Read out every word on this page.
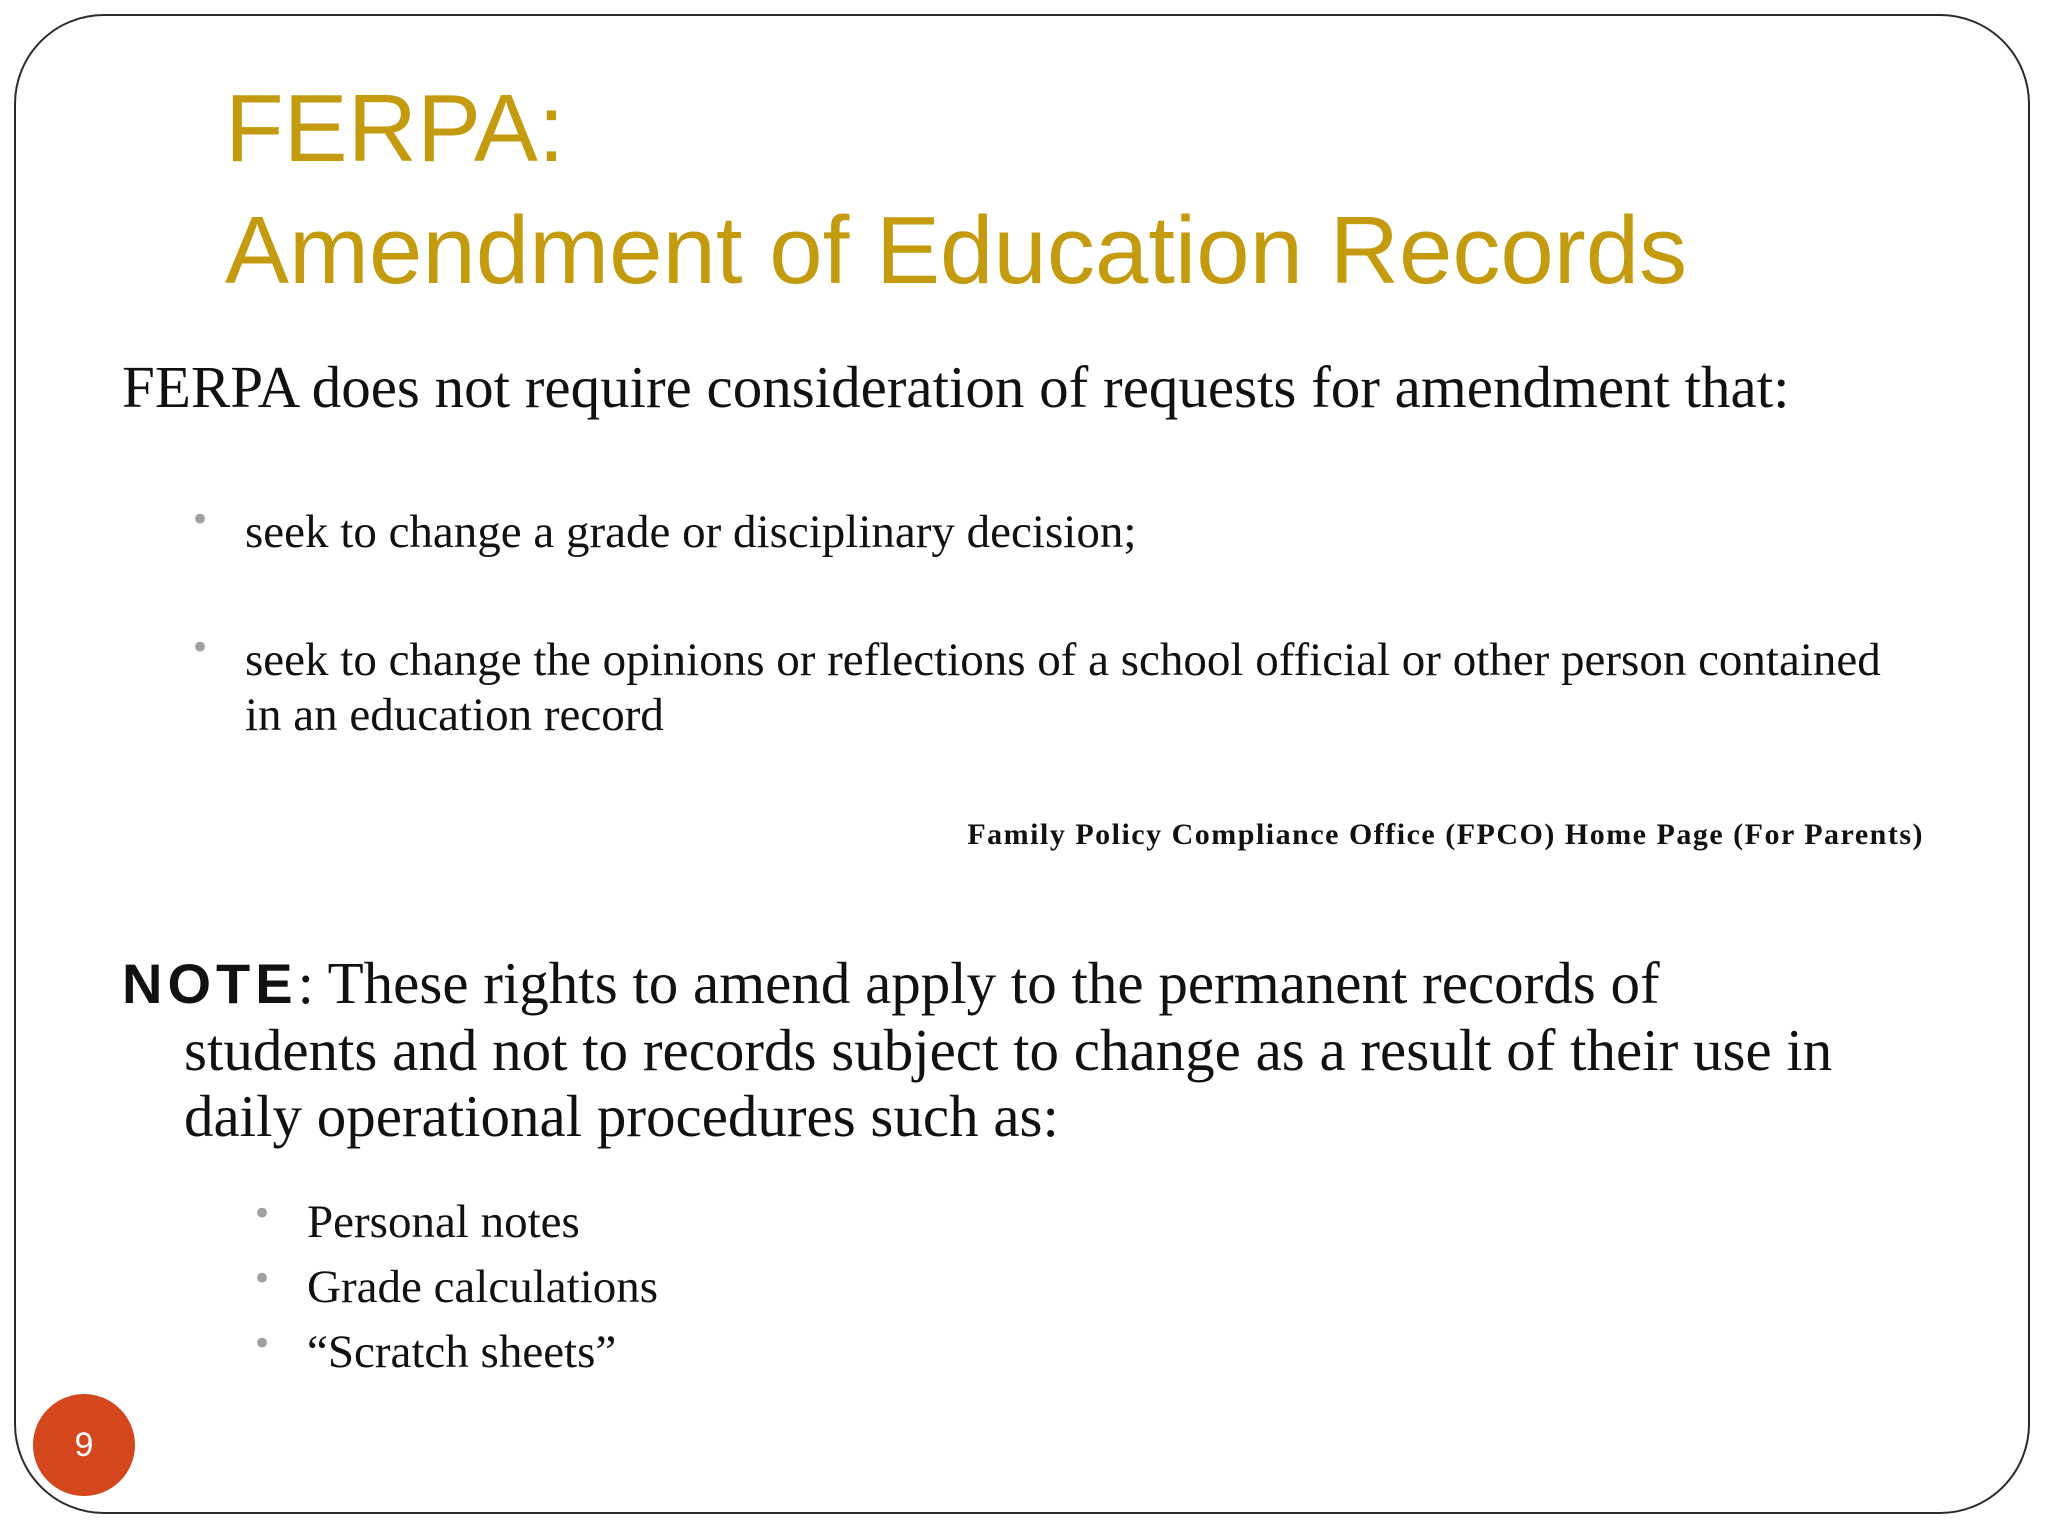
FERPA:
Amendment of Education Records

FERPA does not require consideration of requests for amendment that:

• seek to change a grade or disciplinary decision;
• seek to change the opinions or reflections of a school official or other person contained in an education record

Family Policy Compliance Office (FPCO) Home Page (For Parents)

NOTE: These rights to amend apply to the permanent records of
students and not to records subject to change as a result of their use in
daily operational procedures such as:

• Personal notes
• Grade calculations
• “Scratch sheets”
9
